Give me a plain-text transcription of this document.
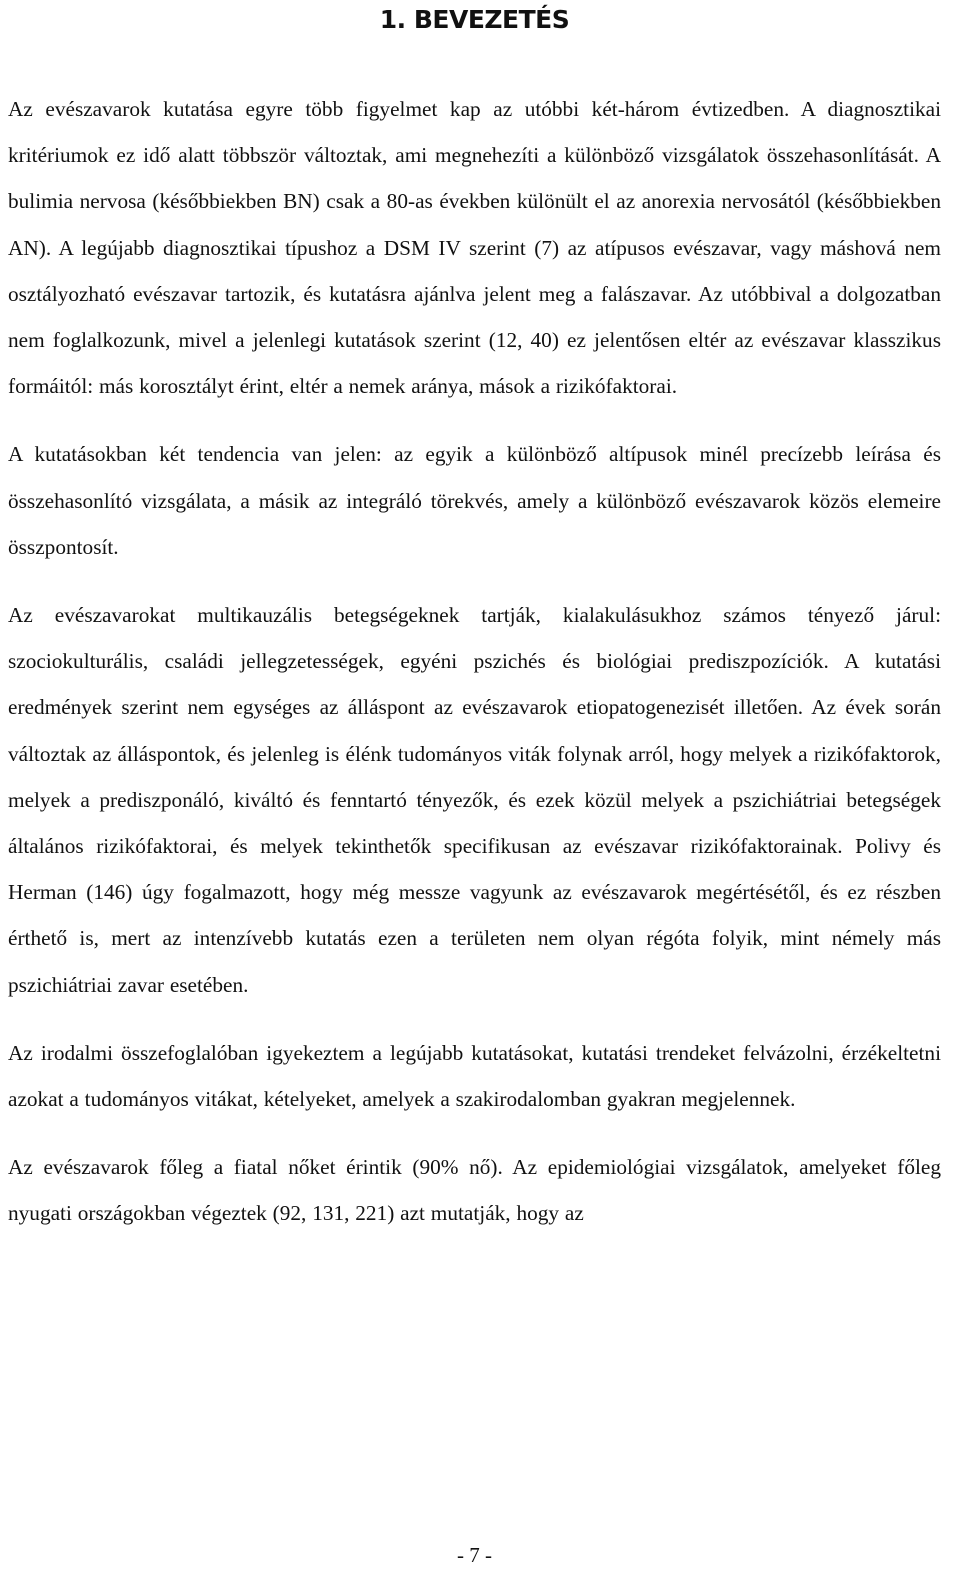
1. BEVEZETÉS

Az evészavarok kutatása egyre több figyelmet kap az utóbbi két-három évtizedben. A diagnosztikai kritériumok ez idő alatt többször változtak, ami megnehezíti a különböző vizsgálatok összehasonlítását. A bulimia nervosa (későbbiekben BN) csak a 80-as években különült el az anorexia nervosától (későbbiekben AN). A legújabb diagnosztikai típushoz a DSM IV szerint (7) az atípusos evészavar, vagy máshová nem osztályozható evészavar tartozik, és kutatásra ajánlva jelent meg a falászavar. Az utóbbival a dolgozatban nem foglalkozunk, mivel a jelenlegi kutatások szerint (12, 40) ez jelentősen eltér az evészavar klasszikus formáitól: más korosztályt érint, eltér a nemek aránya, mások a rizikófaktorai.

A kutatásokban két tendencia van jelen: az egyik a különböző altípusok minél precízebb leírása és összehasonlító vizsgálata, a másik az integráló törekvés, amely a különböző evészavarok közös elemeire összpontosít.

Az evészavarokat multikauzális betegségeknek tartják, kialakulásukhoz számos tényező járul: szociokulturális, családi jellegzetességek, egyéni pszichés és biológiai prediszpozíciók. A kutatási eredmények szerint nem egységes az álláspont az evészavarok etiopatogenezisét illetően. Az évek során változtak az álláspontok, és jelenleg is élénk tudományos viták folynak arról, hogy melyek a rizikófaktorok, melyek a prediszponáló, kiváltó és fenntartó tényezők, és ezek közül melyek a pszichiátriai betegségek általános rizikófaktorai, és melyek tekinthetők specifikusan az evészavar rizikófaktorainak. Polivy és Herman (146) úgy fogalmazott, hogy még messze vagyunk az evészavarok megértésétől, és ez részben érthető is, mert az intenzívebb kutatás ezen a területen nem olyan régóta folyik, mint némely más pszichiátriai zavar esetében.

Az irodalmi összefoglalóban igyekeztem a legújabb kutatásokat, kutatási trendeket felvázolni, érzékeltetni azokat a tudományos vitákat, kételyeket, amelyek a szakirodalomban gyakran megjelennek.

Az evészavarok főleg a fiatal nőket érintik (90% nő). Az epidemiológiai vizsgálatok, amelyeket főleg nyugati országokban végeztek (92, 131, 221) azt mutatják, hogy az

- 7 -
